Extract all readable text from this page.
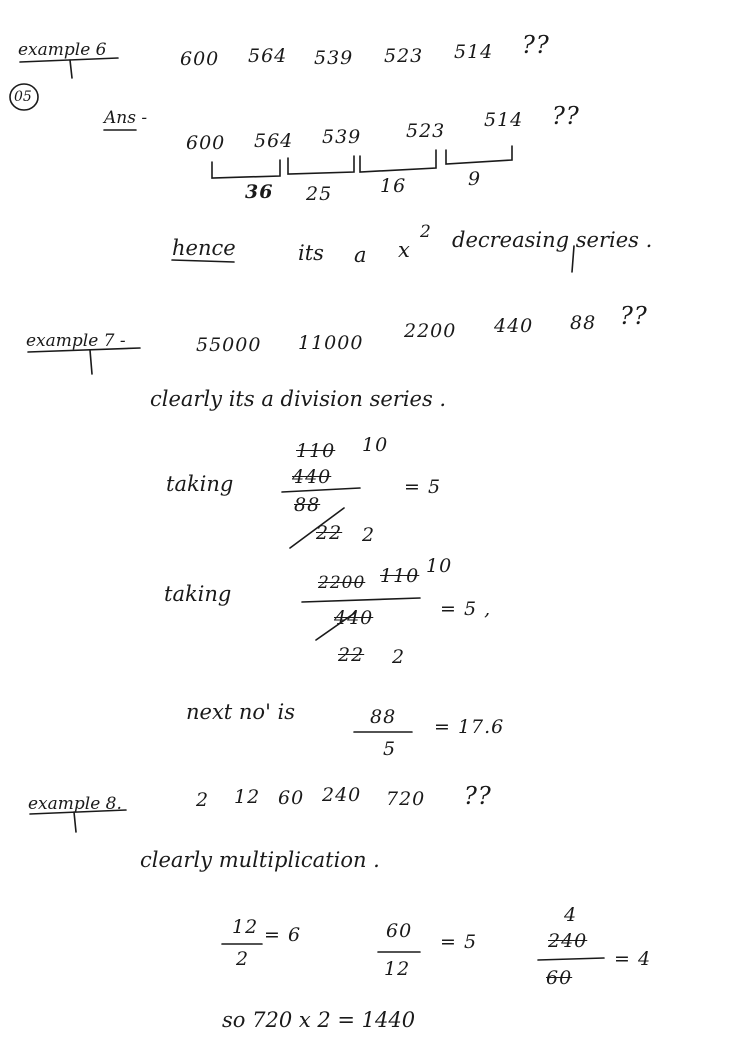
example 6
05
600 564 539 523 514 ??
Ans -
600 564 539 523 514 ??
36 25	16	9
hence	its a x
2 decreasing series .
example 7 -	55000 11000
2200 440 88 ??
clearly its a division series .
taking
110 10
440
88
22 2
= 5
taking	2200 110 10
440
22 2
= 5 ,
next no' is	88
5
= 17.6
example 8.	2 12 60 240 720 ??
clearly multiplication .
12
2
= 6	60
12
= 5
4
240
60
= 4
so 720 x 2 = 1440
